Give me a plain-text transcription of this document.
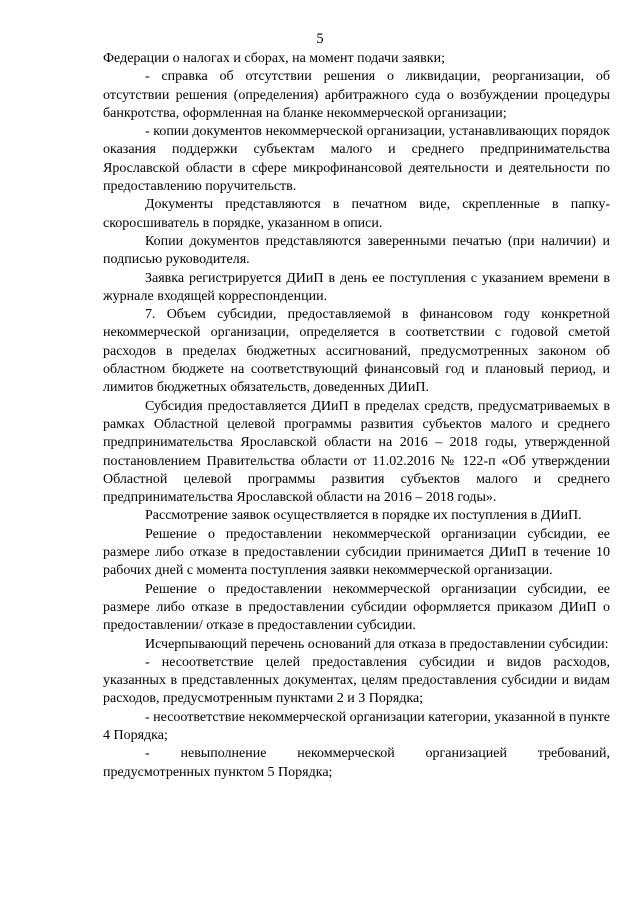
5

Федерации о налогах и сборах, на момент подачи заявки;

- справка об отсутствии решения о ликвидации, реорганизации, об отсутствии решения (определения) арбитражного суда о возбуждении процедуры банкротства, оформленная на бланке некоммерческой организации;

- копии документов некоммерческой организации, устанавливающих порядок оказания поддержки субъектам малого и среднего предпринимательства Ярославской области в сфере микрофинансовой деятельности и деятельности по предоставлению поручительств.

Документы представляются в печатном виде, скрепленные в папку-скоросшиватель в порядке, указанном в описи.

Копии документов представляются заверенными печатью (при наличии) и подписью руководителя.

Заявка регистрируется ДИиП в день ее поступления с указанием времени в журнале входящей корреспонденции.

7. Объем субсидии, предоставляемой в финансовом году конкретной некоммерческой организации, определяется в соответствии с годовой сметой расходов в пределах бюджетных ассигнований, предусмотренных законом об областном бюджете на соответствующий финансовый год и плановый период, и лимитов бюджетных обязательств, доведенных ДИиП.

Субсидия предоставляется ДИиП в пределах средств, предусматриваемых в рамках Областной целевой программы развития субъектов малого и среднего предпринимательства Ярославской области на 2016 – 2018 годы, утвержденной постановлением Правительства области от 11.02.2016 № 122-п «Об утверждении Областной целевой программы развития субъектов малого и среднего предпринимательства Ярославской области на 2016 – 2018 годы».

Рассмотрение заявок осуществляется в порядке их поступления в ДИиП.

Решение о предоставлении некоммерческой организации субсидии, ее размере либо отказе в предоставлении субсидии принимается ДИиП в течение 10 рабочих дней с момента поступления заявки некоммерческой организации.

Решение о предоставлении некоммерческой организации субсидии, ее размере либо отказе в предоставлении субсидии оформляется приказом ДИиП о предоставлении/ отказе в предоставлении субсидии.

Исчерпывающий перечень оснований для отказа в предоставлении субсидии:

- несоответствие целей предоставления субсидии и видов расходов, указанных в представленных документах, целям предоставления субсидии и видам расходов, предусмотренным пунктами 2 и 3 Порядка;

- несоответствие некоммерческой организации категории, указанной в пункте 4 Порядка;

- невыполнение некоммерческой организацией требований, предусмотренных пунктом 5 Порядка;
